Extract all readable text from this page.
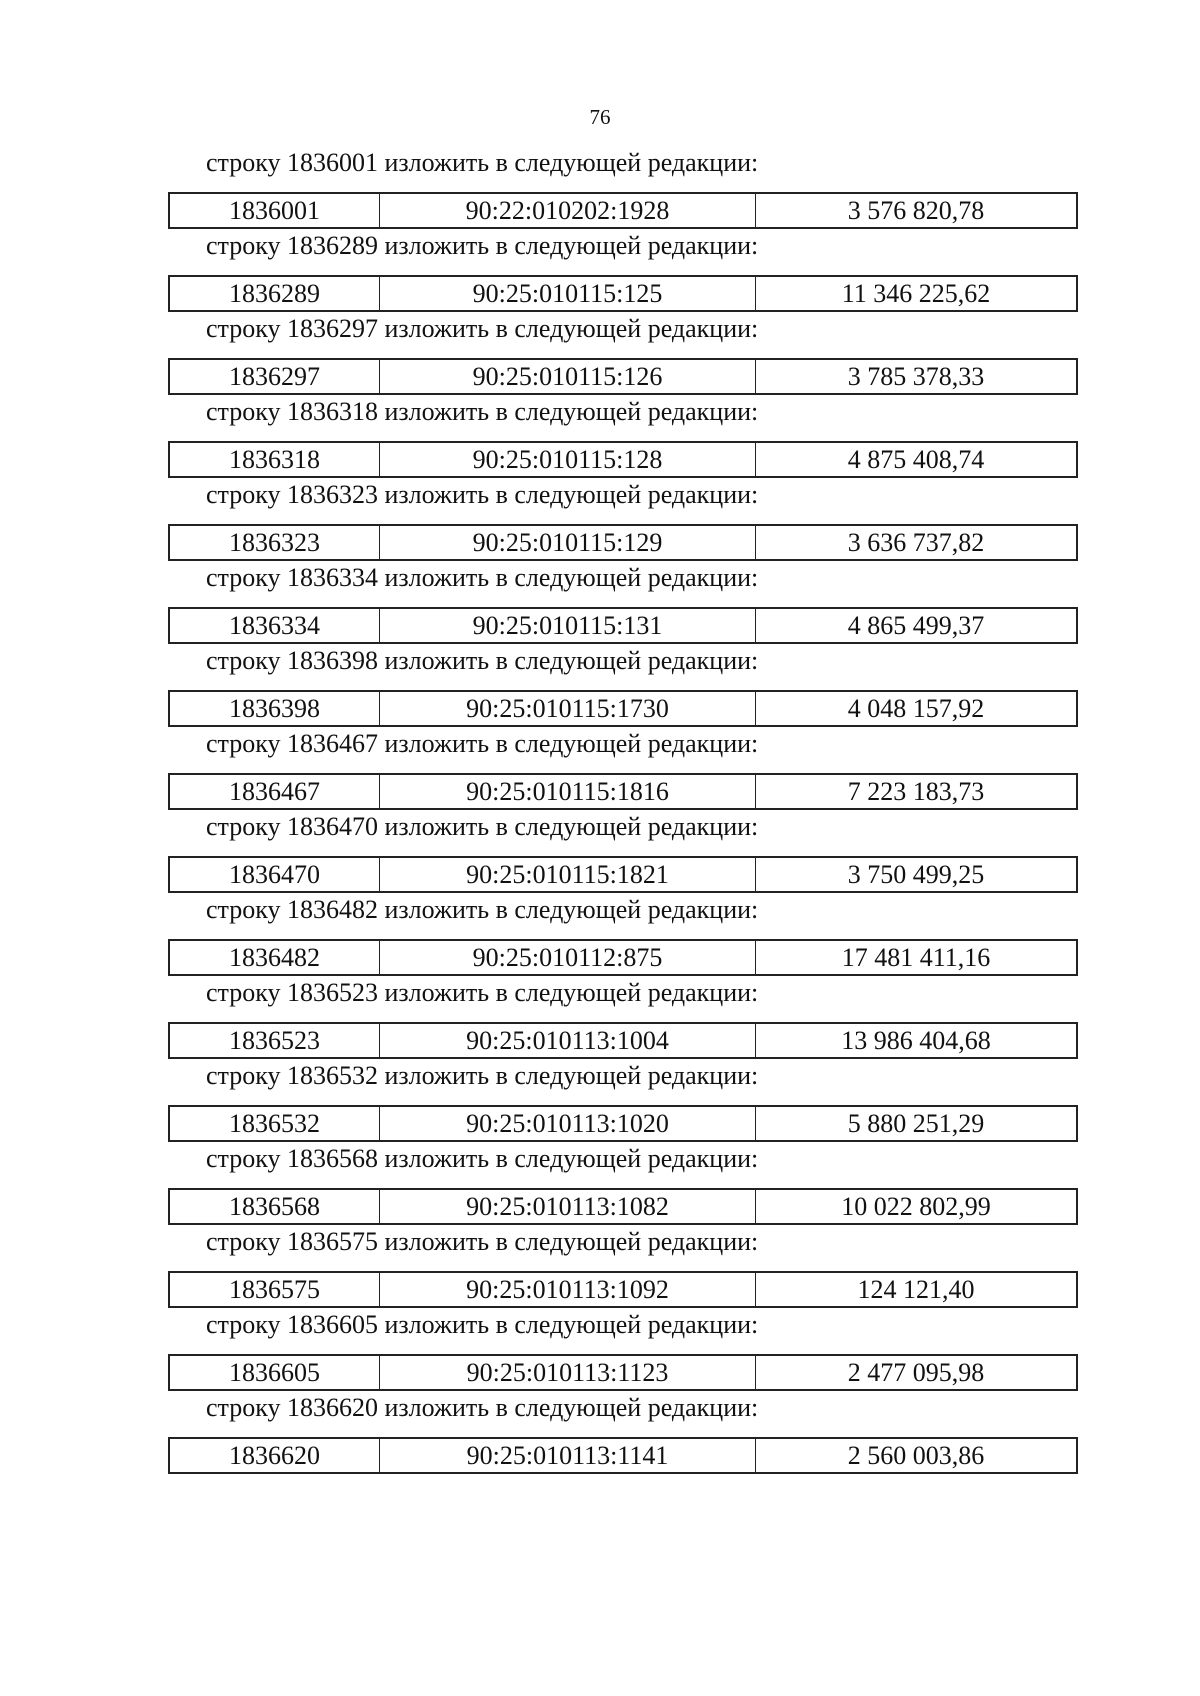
76
строку 1836001 изложить в следующей редакции:
1836001	90:22:010202:1928	3 576 820,78
строку 1836289 изложить в следующей редакции:
1836289	90:25:010115:125	11 346 225,62
строку 1836297 изложить в следующей редакции:
1836297	90:25:010115:126	3 785 378,33
строку 1836318 изложить в следующей редакции:
1836318	90:25:010115:128	4 875 408,74
строку 1836323 изложить в следующей редакции:
1836323	90:25:010115:129	3 636 737,82
строку 1836334 изложить в следующей редакции:
1836334	90:25:010115:131	4 865 499,37
строку 1836398 изложить в следующей редакции:
1836398	90:25:010115:1730	4 048 157,92
строку 1836467 изложить в следующей редакции:
1836467	90:25:010115:1816	7 223 183,73
строку 1836470 изложить в следующей редакции:
1836470	90:25:010115:1821	3 750 499,25
строку 1836482 изложить в следующей редакции:
1836482	90:25:010112:875	17 481 411,16
строку 1836523 изложить в следующей редакции:
1836523	90:25:010113:1004	13 986 404,68
строку 1836532 изложить в следующей редакции:
1836532	90:25:010113:1020	5 880 251,29
строку 1836568 изложить в следующей редакции:
1836568	90:25:010113:1082	10 022 802,99
строку 1836575 изложить в следующей редакции:
1836575	90:25:010113:1092	124 121,40
строку 1836605 изложить в следующей редакции:
1836605	90:25:010113:1123	2 477 095,98
строку 1836620 изложить в следующей редакции:
1836620	90:25:010113:1141	2 560 003,86
